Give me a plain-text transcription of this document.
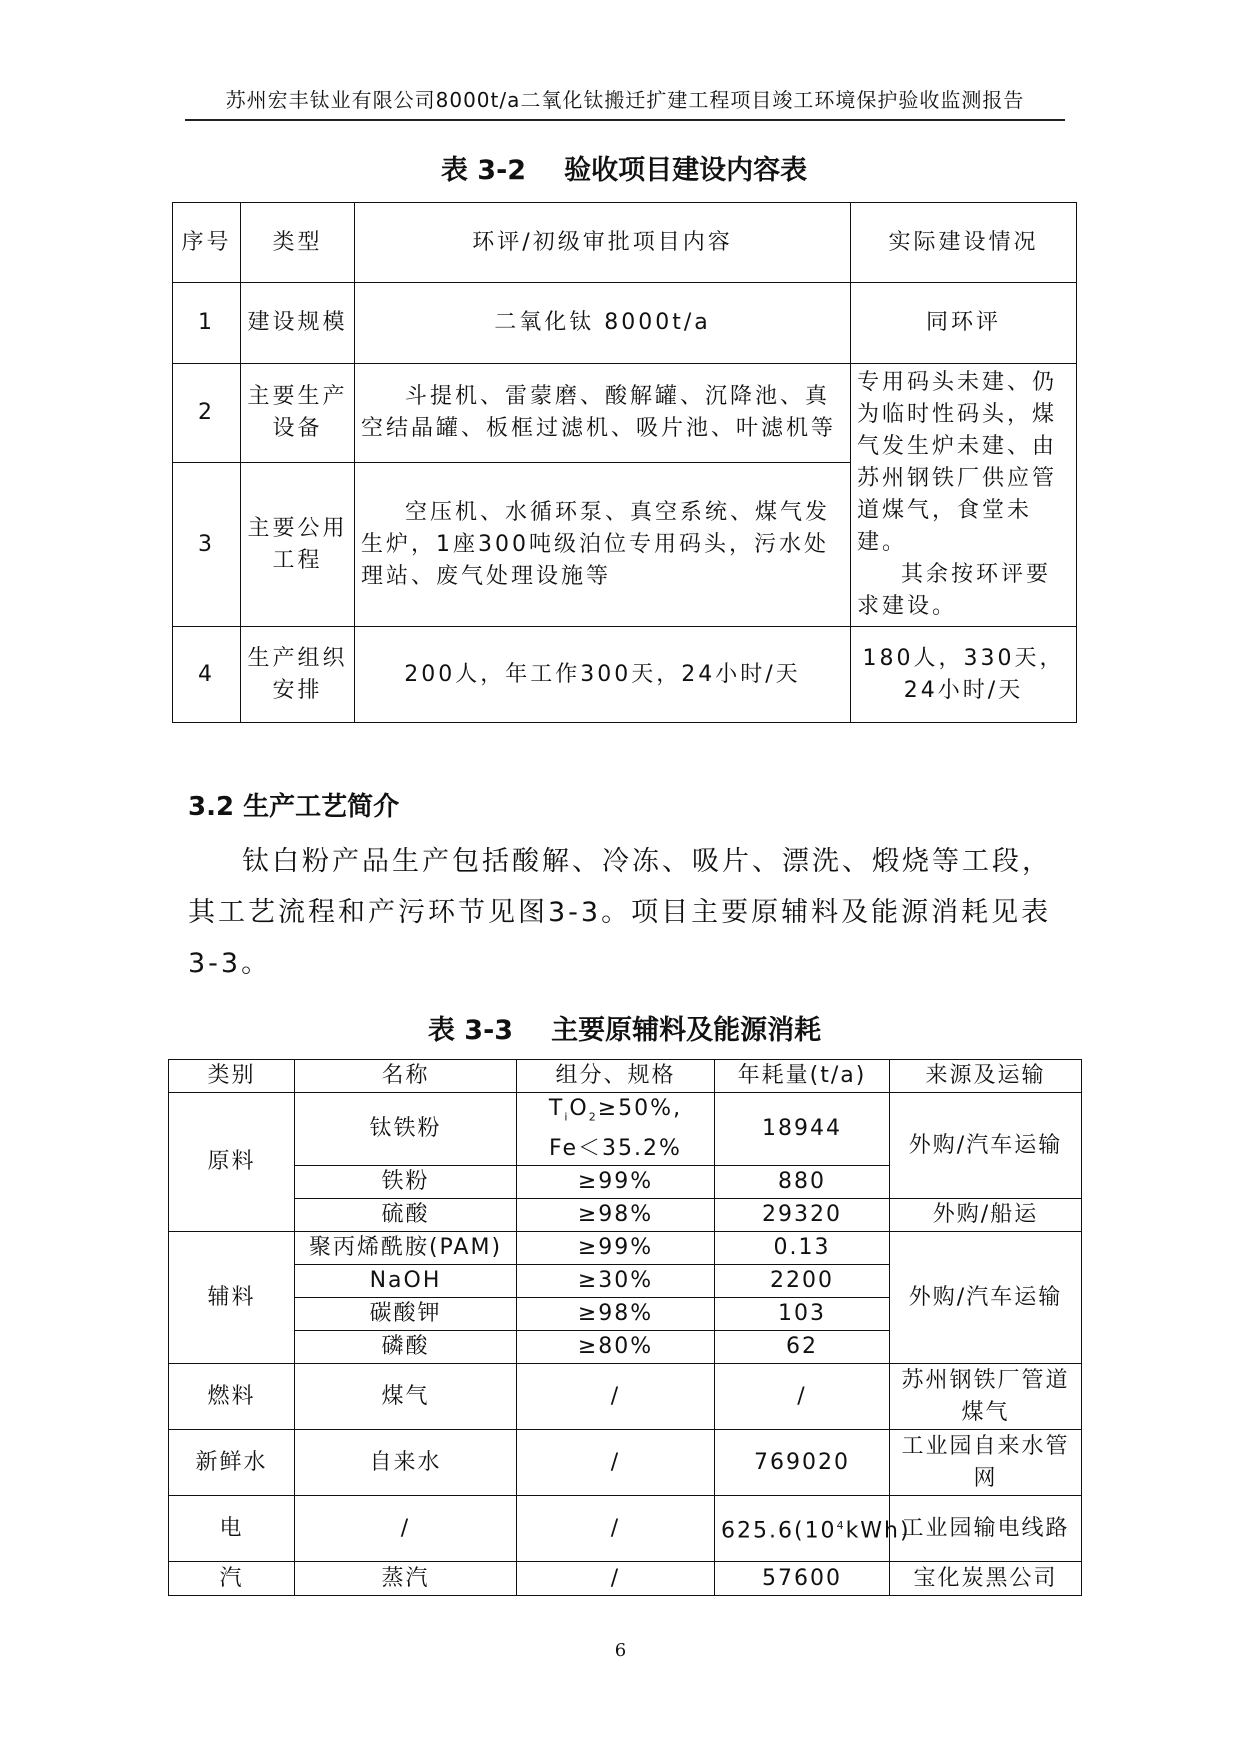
苏州宏丰钛业有限公司8000t/a二氧化钛搬迁扩建工程项目竣工环境保护验收监测报告
表 3-2 验收项目建设内容表
序号	类型	环评/初级审批项目内容	实际建设情况
1	建设规模	二氧化钛 8000t/a	同环评
2	主要生产设备	斗提机、雷蒙磨、酸解罐、沉降池、真空结晶罐、板框过滤机、吸片池、叶滤机等	专用码头未建、仍为临时性码头，煤气发生炉未建、由苏州钢铁厂供应管道煤气，食堂未建。
其余按环评要求建设。

3	主要公用工程	空压机、水循环泵、真空系统、煤气发生炉，1座300吨级泊位专用码头，污水处理站、废气处理设施等	

4	生产组织安排	200人，年工作300天，24小时/天	180人，330天，24小时/天
3.2 生产工艺简介
钛白粉产品生产包括酸解、冷冻、吸片、漂洗、煅烧等工段，其工艺流程和产污环节见图3-3。项目主要原辅料及能源消耗见表3-3。
表 3-3 主要原辅料及能源消耗
类别	名称	组分、规格	年耗量(t/a)	来源及运输
原料	钛铁粉	$T_iO_2\ge 50\%$,
Fe＜35.2%	18944	外购/汽车运输
	铁粉	≥99%	880	
	硫酸	≥98%	29320	外购/船运
辅料	聚丙烯酰胺(PAM)	≥99%	0.13	外购/汽车运输
	NaOH	≥30%	2200	
	碳酸钾	≥98%	103	
	磷酸	≥80%	62	
燃料	煤气	/	/	苏州钢铁厂管道煤气
新鲜水	自来水	/	769020	工业园自来水管网
电	/	/	$625.6(10^4kWh)$	工业园输电线路
汽	蒸汽	/	57600	宝化炭黑公司
6
